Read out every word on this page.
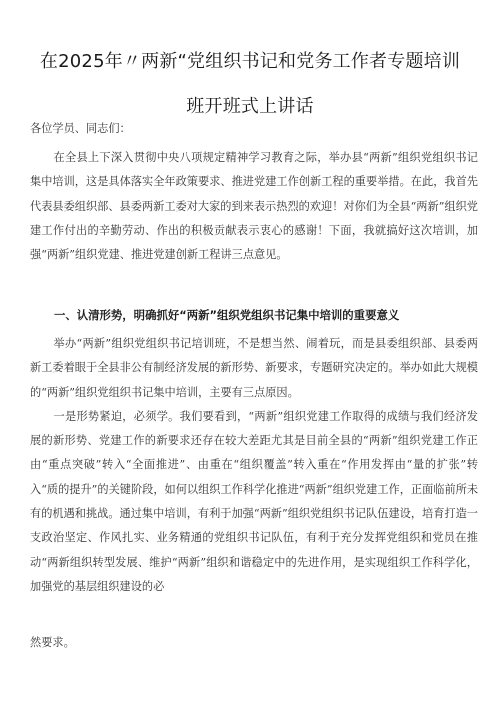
在2025年〃两新“党组织书记和党务工作者专题培训
班开班式上讲话
各位学员、同志们：

在全县上下深入贯彻中央八项规定精神学习教育之际，举办县“两新”组织党组织书记集中培训，这是具体落实全年政策要求、推进党建工作创新工程的重要举措。在此，我首先代表县委组织部、县委两新工委对大家的到来表示热烈的欢迎！对你们为全县“两新”组织党建工作付出的辛勤劳动、作出的积极贡献表示衷心的感谢！下面，我就搞好这次培训，加强“两新”组织党建、推进党建创新工程讲三点意见。

一、认清形势，明确抓好“两新”组织党组织书记集中培训的重要意义

举办“两新”组织党组织书记培训班，不是想当然、闹着玩，而是县委组织部、县委两新工委着眼于全县非公有制经济发展的新形势、新要求，专题研究决定的。举办如此大规模的“两新”组织党组织书记集中培训，主要有三点原因。

一是形势紧迫，必须学。我们要看到，“两新”组织党建工作取得的成绩与我们经济发展的新形势、党建工作的新要求还存在较大差距尤其是目前全县的“两新”组织党建工作正由“重点突破”转入“全面推进”、由重在“组织覆盖”转入重在“作用发挥由“量的扩张”转入“质的提升”的关键阶段，如何以组织工作科学化推进“两新”组织党建工作，正面临前所未有的机遇和挑战。通过集中培训，有利于加强“两新”组织党组织书记队伍建设，培育打造一支政治坚定、作风扎实、业务精通的党组织书记队伍，有利于充分发挥党组织和党员在推动“两新组织转型发展、维护“两新”组织和谐稳定中的先进作用，是实现组织工作科学化，加强党的基层组织建设的必

然要求。
